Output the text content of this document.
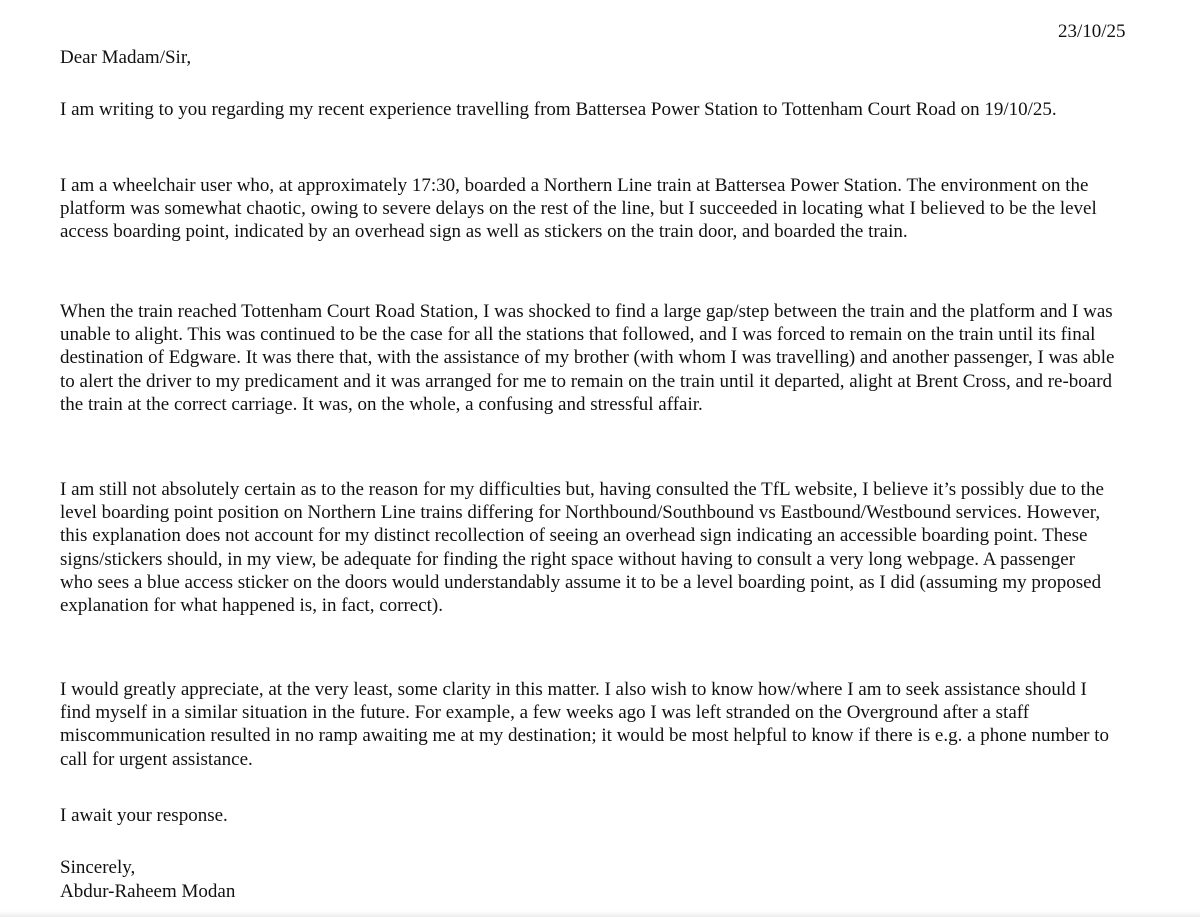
23/10/25
Dear Madam/Sir,

I am writing to you regarding my recent experience travelling from Battersea Power Station to Tottenham Court Road on 19/10/25.

I am a wheelchair user who, at approximately 17:30, boarded a Northern Line train at Battersea Power Station. The environment on the platform was somewhat chaotic, owing to severe delays on the rest of the line, but I succeeded in locating what I believed to be the level access boarding point, indicated by an overhead sign as well as stickers on the train door, and boarded the train.

When the train reached Tottenham Court Road Station, I was shocked to find a large gap/step between the train and the platform and I was unable to alight. This was continued to be the case for all the stations that followed, and I was forced to remain on the train until its final destination of Edgware. It was there that, with the assistance of my brother (with whom I was travelling) and another passenger, I was able to alert the driver to my predicament and it was arranged for me to remain on the train until it departed, alight at Brent Cross, and re-board the train at the correct carriage. It was, on the whole, a confusing and stressful affair.

I am still not absolutely certain as to the reason for my difficulties but, having consulted the TfL website, I believe it’s possibly due to the level boarding point position on Northern Line trains differing for Northbound/Southbound vs Eastbound/Westbound services. However, this explanation does not account for my distinct recollection of seeing an overhead sign indicating an accessible boarding point. These signs/stickers should, in my view, be adequate for finding the right space without having to consult a very long webpage. A passenger who sees a blue access sticker on the doors would understandably assume it to be a level boarding point, as I did (assuming my proposed explanation for what happened is, in fact, correct).

I would greatly appreciate, at the very least, some clarity in this matter. I also wish to know how/where I am to seek assistance should I find myself in a similar situation in the future. For example, a few weeks ago I was left stranded on the Overground after a staff miscommunication resulted in no ramp awaiting me at my destination; it would be most helpful to know if there is e.g. a phone number to call for urgent assistance.

I await your response.

Sincerely,
Abdur-Raheem Modan
